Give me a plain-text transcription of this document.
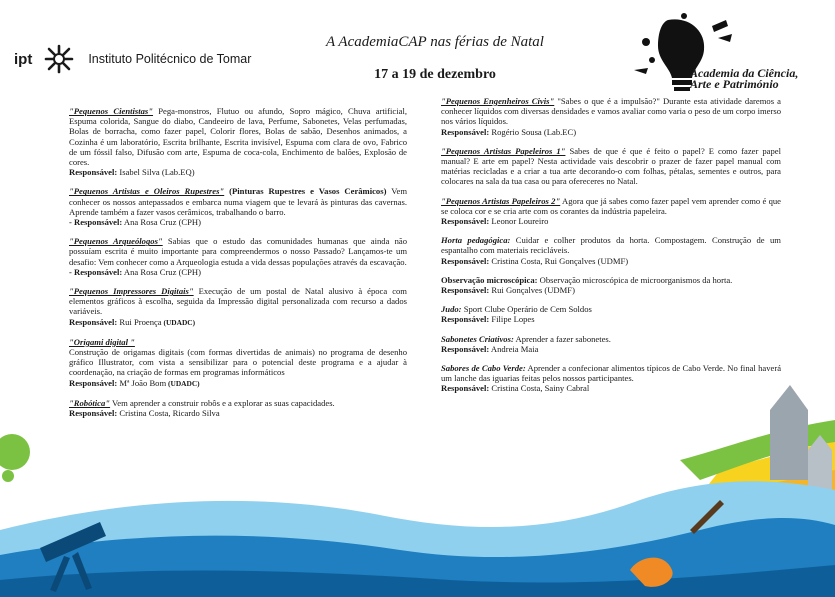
ipt	Instituto Politécnico de Tomar
A AcademiaCAP nas férias de Natal
17 a 19 de dezembro	Academia da Ciência,
Arte e Património
"Pequenos Cientistas" Pega-monstros, Flutuo ou afundo, Sopro mágico, Chuva artificial, Espuma colorida, Sangue do diabo, Candeeiro de lava, Perfume, Sabonetes, Velas perfumadas, Bolas de borracha, como fazer papel, Colorir flores, Bolas de sabão, Desenhos animados, a Cozinha é um laboratório, Escrita brilhante, Escrita invisível, Espuma com clara de ovo, Fabrico de um fóssil falso, Difusão com arte, Espuma de coca-cola, Enchimento de balões, Explosão de cores.
Responsável: Isabel Silva (Lab.EQ)
"Pequenos Artistas e Oleiros Rupestres" (Pinturas Rupestres e Vasos Cerâmicos) Vem conhecer os nossos antepassados e embarca numa viagem que te levará às pinturas das cavernas. Aprende também a fazer vasos cerâmicos, trabalhando o barro.
- Responsável: Ana Rosa Cruz (CPH)
"Pequenos Arqueólogos" Sabias que o estudo das comunidades humanas que ainda não possuíam escrita é muito importante para compreendermos o nosso Passado? Lançamos-te um desafio: Vem conhecer como a Arqueologia estuda a vida dessas populações através da escavação.
- Responsável: Ana Rosa Cruz (CPH)
"Pequenos Impressores Digitais" Execução de um postal de Natal alusivo à época com elementos gráficos à escolha, seguida da Impressão digital personalizada com recurso a dados variáveis.
Responsável: Rui Proença (UDADC)
"Origami digital "
Construção de origamas digitais (com formas divertidas de animais) no programa de desenho gráfico Illustrator, com vista a sensibilizar para o potencial deste programa e a ajudar à coordenação, na criação de formas em programas informáticos
Responsável: Mª João Bom (UDADC)
"Robótica" Vem aprender a construir robôs e a explorar as suas capacidades.
Responsável: Cristina Costa, Ricardo Silva
"Pequenos Engenheiros Civis" "Sabes o que é a impulsão?" Durante esta atividade daremos a conhecer líquidos com diversas densidades e vamos avaliar como varia o peso de um corpo imerso nos vários líquidos.
Responsável: Rogério Sousa (Lab.EC)
"Pequenos Artistas Papeleiros 1" Sabes de que é que é feito o papel? E como fazer papel manual? E arte em papel? Nesta actividade vais descobrir o prazer de fazer papel manual com matérias recicladas e a criar a tua arte decorando-o com folhas, pétalas, sementes e outros, para colocares na sala da tua casa ou para ofereceres no Natal.
"Pequenos Artistas Papeleiros 2" Agora que já sabes como fazer papel vem aprender como é que se coloca cor e se cria arte com os corantes da indústria papeleira.
Responsável: Leonor Loureiro
Horta pedagógica: Cuidar e colher produtos da horta. Compostagem. Construção de um espantalho com materiais recicláveis.
Responsável: Cristina Costa, Rui Gonçalves (UDMF)
Observação microscópica: Observação microscópica de microorganismos da horta.
Responsável: Rui Gonçalves (UDMF)
Judo: Sport Clube Operário de Cem Soldos
Responsável: Filipe Lopes
Sabonetes Criativos: Aprender a fazer sabonetes.
Responsável: Andreia Maia
Sabores de Cabo Verde: Aprender a confecionar alimentos típicos de Cabo Verde. No final haverá um lanche das iguarias feitas pelos nossos participantes.
Responsável: Cristina Costa, Sainy Cabral
